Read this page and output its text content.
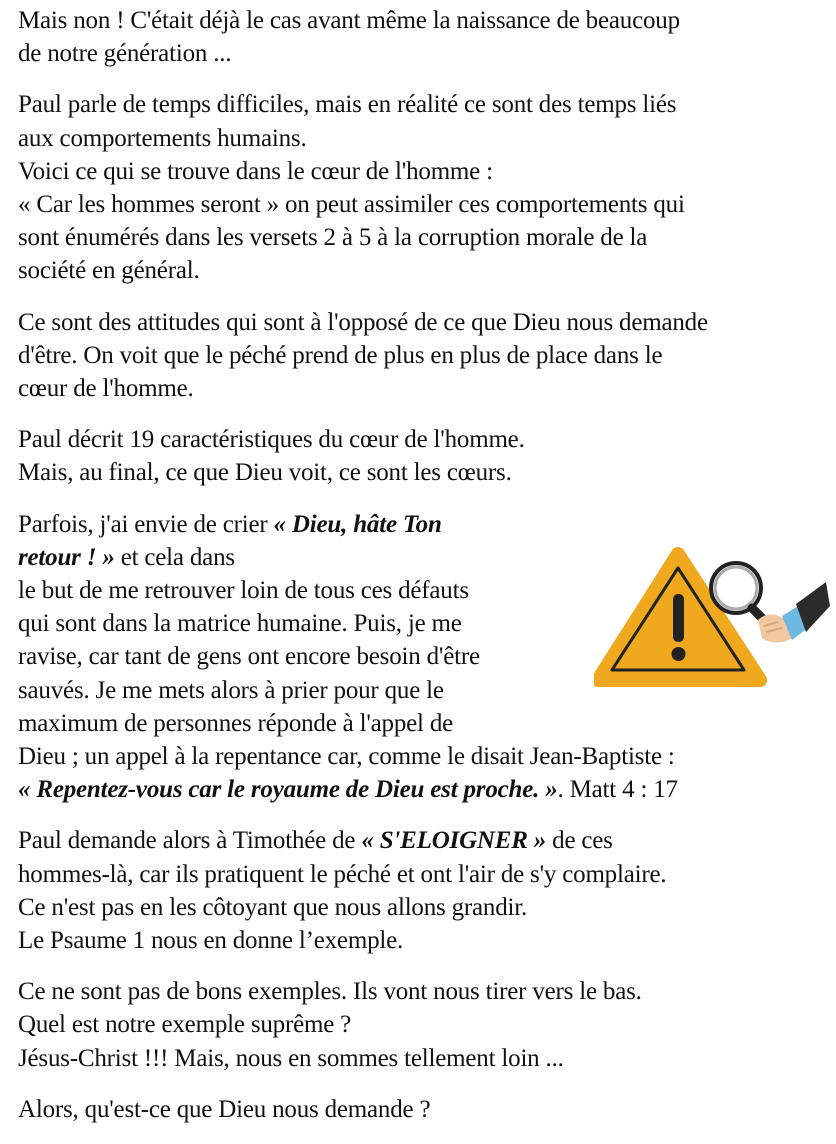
Mais non ! C'était déjà le cas avant même la naissance de beaucoup
de notre génération ...

Paul parle de temps difficiles, mais en réalité ce sont des temps liés
aux comportements humains.
Voici ce qui se trouve dans le cœur de l'homme :
« Car les hommes seront » on peut assimiler ces comportements qui
sont énumérés dans les versets 2 à 5 à la corruption morale de la
société en général.

Ce sont des attitudes qui sont à l'opposé de ce que Dieu nous demande
d'être. On voit que le péché prend de plus en plus de place dans le
cœur de l'homme.

Paul décrit 19 caractéristiques du cœur de l'homme.
Mais, au final, ce que Dieu voit, ce sont les cœurs.

Parfois, j'ai envie de crier « Dieu, hâte Ton
retour ! » et cela dans
le but de me retrouver loin de tous ces défauts
qui sont dans la matrice humaine. Puis, je me
ravise, car tant de gens ont encore besoin d'être
sauvés. Je me mets alors à prier pour que le
maximum de personnes réponde à l'appel de
Dieu ; un appel à la repentance car, comme le disait Jean-Baptiste :
« Repentez-vous car le royaume de Dieu est proche. ». Matt 4 : 17

Paul demande alors à Timothée de « S'ELOIGNER » de ces
hommes-là, car ils pratiquent le péché et ont l'air de s'y complaire.
Ce n'est pas en les côtoyant que nous allons grandir.
Le Psaume 1 nous en donne l’exemple.

Ce ne sont pas de bons exemples. Ils vont nous tirer vers le bas.
Quel est notre exemple suprême ?
Jésus-Christ !!! Mais, nous en sommes tellement loin ...

Alors, qu'est-ce que Dieu nous demande ?
